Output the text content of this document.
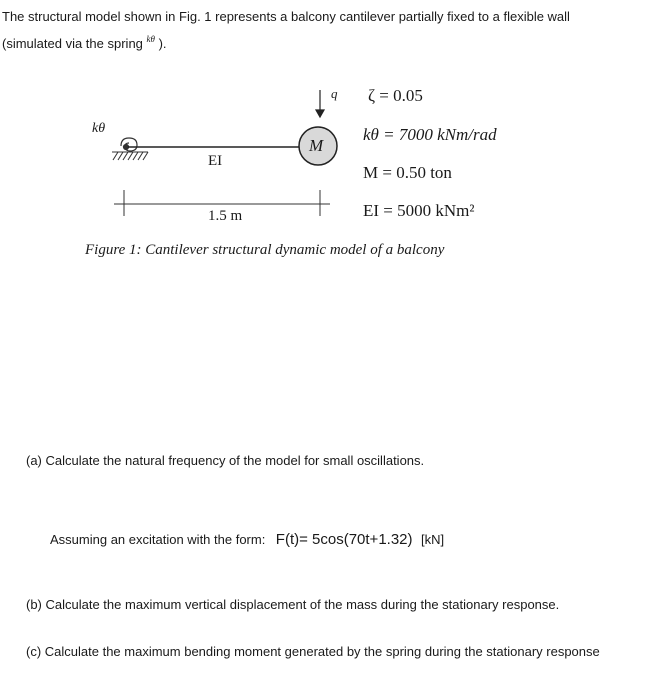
The structural model shown in Fig. 1 represents a balcony cantilever partially fixed to a flexible wall
(simulated via the spring $^{k\theta}$ ).
q
kθ
M
EI
1.5 m
ζ = 0.05
kθ = 7000 kNm/rad
M = 0.50 ton
EI = 5000 kNm²
Figure 1: Cantilever structural dynamic model of a balcony
(a) Calculate the natural frequency of the model for small oscillations.
Assuming an excitation with the form: F(t)= 5cos(70t+1.32) [kN]
(b) Calculate the maximum vertical displacement of the mass during the stationary response.
(c) Calculate the maximum bending moment generated by the spring during the stationary response
